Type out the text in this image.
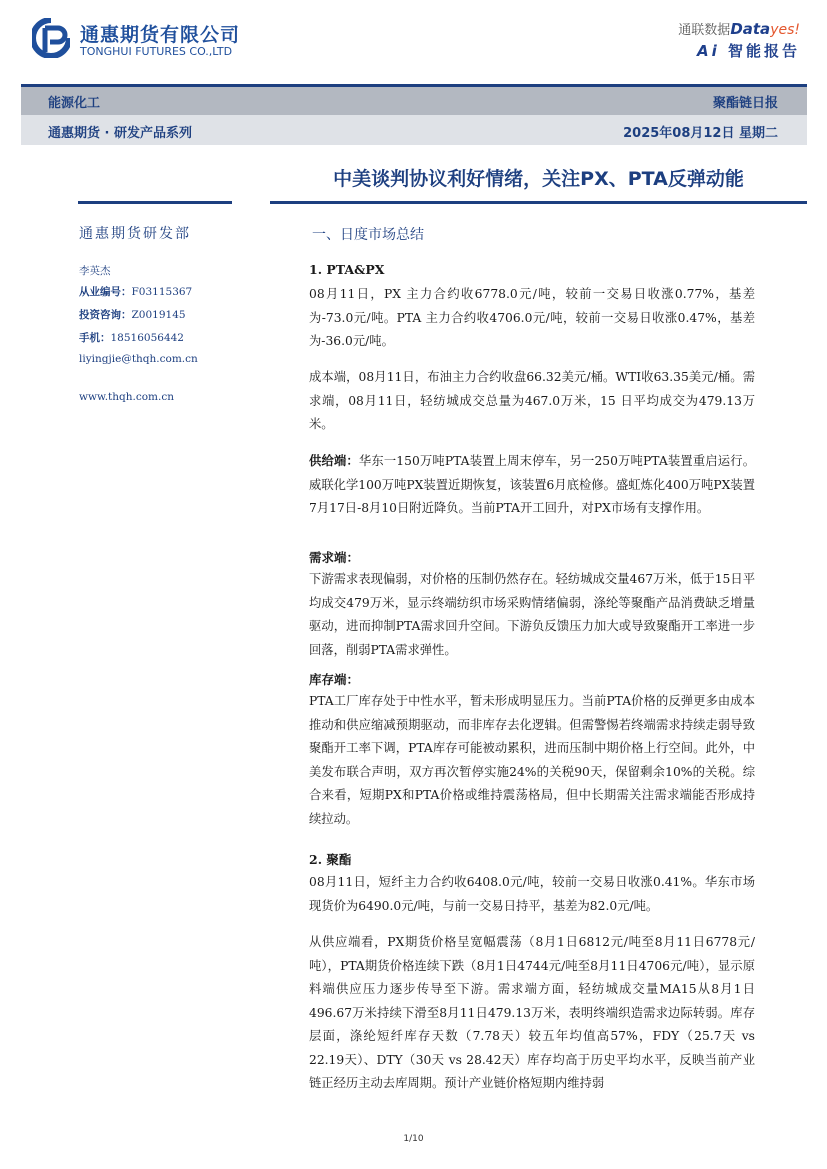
通惠期货有限公司
TONGHUI FUTURES CO.,LTD
通联数据Datayes!
Ai 智能报告
能源化工	聚酯链日报
通惠期货 · 研发产品系列	2025年08月12日 星期二
中美谈判协议利好情绪，关注PX、PTA反弹动能
通惠期货研发部
李英杰
从业编号：F03115367
投资咨询：Z0019145
手机：18516056442
liyingjie@thqh.com.cn
www.thqh.com.cn
一、日度市场总结
1. PTA&PX
08月11日，PX 主力合约收6778.0元/吨，较前一交易日收涨0.77%，基差为-73.0元/吨。PTA 主力合约收4706.0元/吨，较前一交易日收涨0.47%，基差为-36.0元/吨。
成本端，08月11日，布油主力合约收盘66.32美元/桶。WTI收63.35美元/桶。需求端，08月11日，轻纺城成交总量为467.0万米，15 日平均成交为479.13万米。
供给端：华东一150万吨PTA装置上周末停车，另一250万吨PTA装置重启运行。威联化学100万吨PX装置近期恢复，该装置6月底检修。盛虹炼化400万吨PX装置7月17日-8月10日附近降负。当前PTA开工回升，对PX市场有支撑作用。
需求端：
下游需求表现偏弱，对价格的压制仍然存在。轻纺城成交量467万米，低于15日平均成交479万米，显示终端纺织市场采购情绪偏弱，涤纶等聚酯产品消费缺乏增量驱动，进而抑制PTA需求回升空间。下游负反馈压力加大或导致聚酯开工率进一步回落，削弱PTA需求弹性。
库存端：
PTA工厂库存处于中性水平，暂未形成明显压力。当前PTA价格的反弹更多由成本推动和供应缩减预期驱动，而非库存去化逻辑。但需警惕若终端需求持续走弱导致聚酯开工率下调，PTA库存可能被动累积，进而压制中期价格上行空间。此外，中美发布联合声明，双方再次暂停实施24%的关税90天，保留剩余10%的关税。综合来看，短期PX和PTA价格或维持震荡格局，但中长期需关注需求端能否形成持续拉动。
2. 聚酯
08月11日，短纤主力合约收6408.0元/吨，较前一交易日收涨0.41%。华东市场现货价为6490.0元/吨，与前一交易日持平，基差为82.0元/吨。
从供应端看，PX期货价格呈宽幅震荡（8月1日6812元/吨至8月11日6778元/吨），PTA期货价格连续下跌（8月1日4744元/吨至8月11日4706元/吨），显示原料端供应压力逐步传导至下游。需求端方面，轻纺城成交量MA15从8月1日496.67万米持续下滑至8月11日479.13万米，表明终端织造需求边际转弱。库存层面，涤纶短纤库存天数（7.78天）较五年均值高57%，FDY（25.7天 vs 22.19天）、DTY（30天 vs 28.42天）库存均高于历史平均水平，反映当前产业链正经历主动去库周期。预计产业链价格短期内维持弱
1/10
